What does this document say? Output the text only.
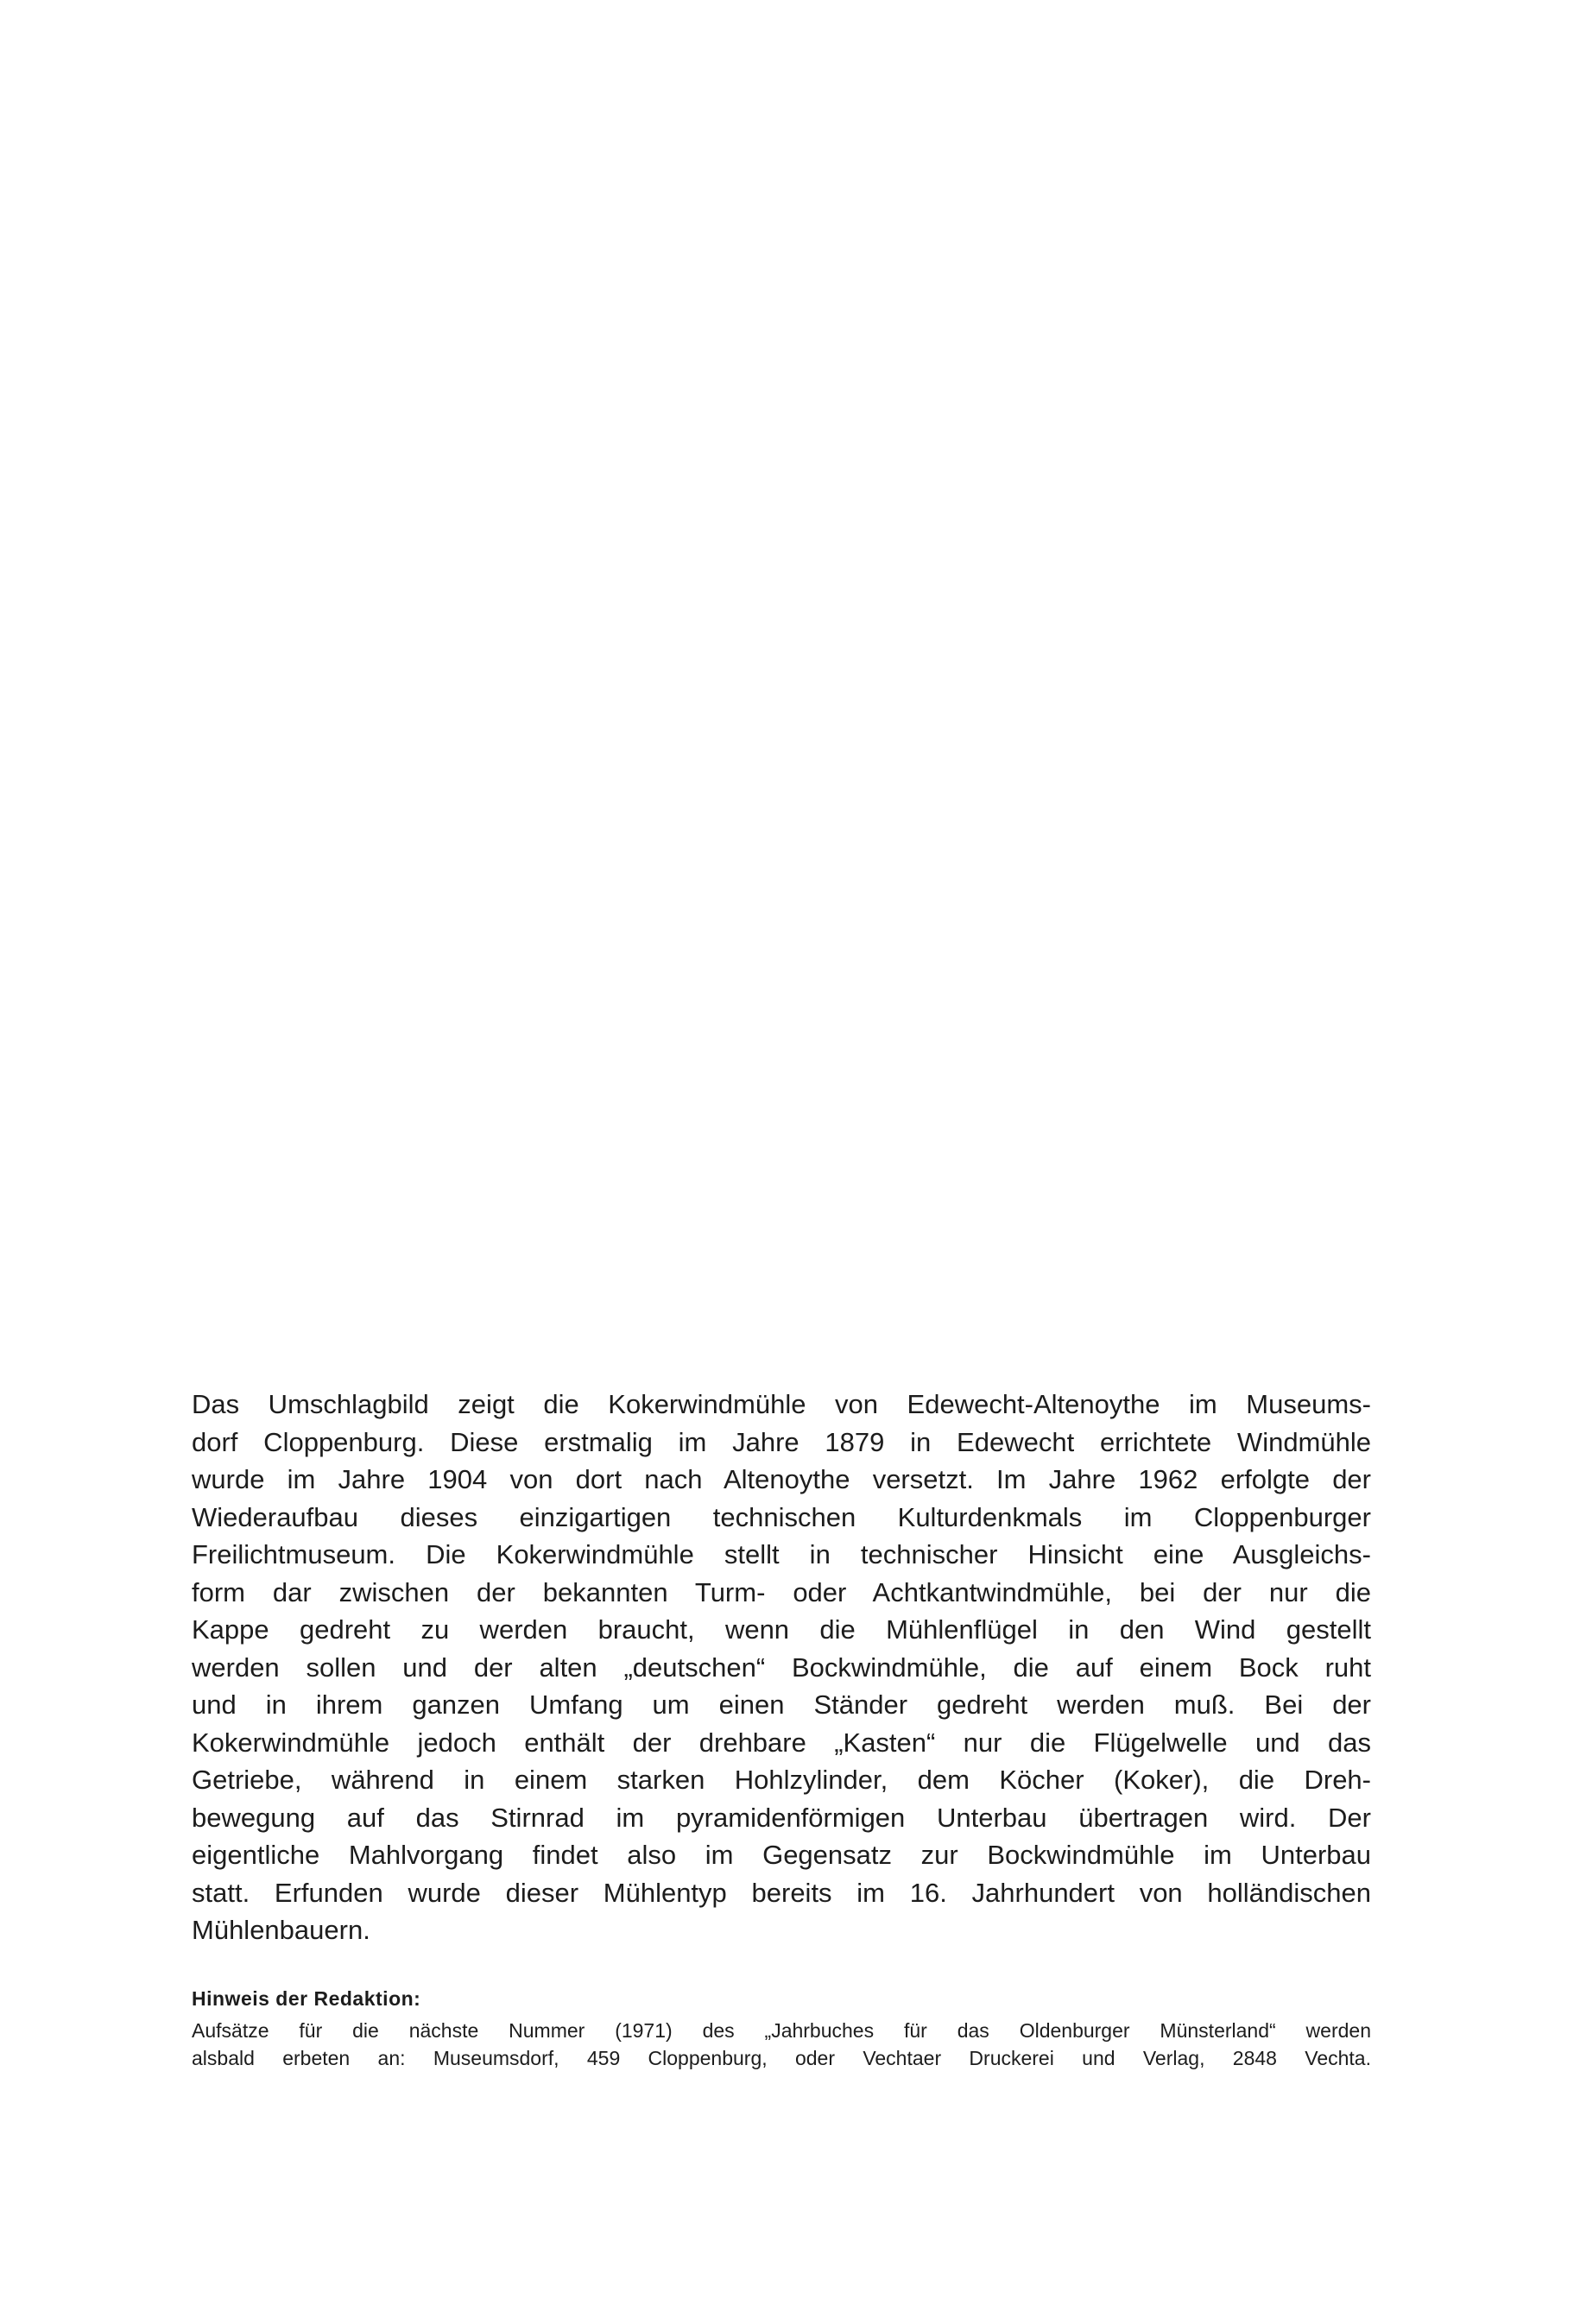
Das Umschlagbild zeigt die Kokerwindmühle von Edewecht-Altenoythe im Museums-
dorf Cloppenburg. Diese erstmalig im Jahre 1879 in Edewecht errichtete Windmühle
wurde im Jahre 1904 von dort nach Altenoythe versetzt. Im Jahre 1962 erfolgte der
Wiederaufbau dieses einzigartigen technischen Kulturdenkmals im Cloppenburger
Freilichtmuseum. Die Kokerwindmühle stellt in technischer Hinsicht eine Ausgleichs-
form dar zwischen der bekannten Turm- oder Achtkantwindmühle, bei der nur die
Kappe gedreht zu werden braucht, wenn die Mühlenflügel in den Wind gestellt
werden sollen und der alten „deutschen“ Bockwindmühle, die auf einem Bock ruht
und in ihrem ganzen Umfang um einen Ständer gedreht werden muß. Bei der
Kokerwindmühle jedoch enthält der drehbare „Kasten“ nur die Flügelwelle und das
Getriebe, während in einem starken Hohlzylinder, dem Köcher (Koker), die Dreh-
bewegung auf das Stirnrad im pyramidenförmigen Unterbau übertragen wird. Der
eigentliche Mahlvorgang findet also im Gegensatz zur Bockwindmühle im Unterbau
statt. Erfunden wurde dieser Mühlentyp bereits im 16. Jahrhundert von holländischen
Mühlenbauern.
Hinweis der Redaktion:
Aufsätze für die nächste Nummer (1971) des „Jahrbuches für das Oldenburger Münsterland“ werden
alsbald erbeten an: Museumsdorf, 459 Cloppenburg, oder Vechtaer Druckerei und Verlag, 2848 Vechta.
